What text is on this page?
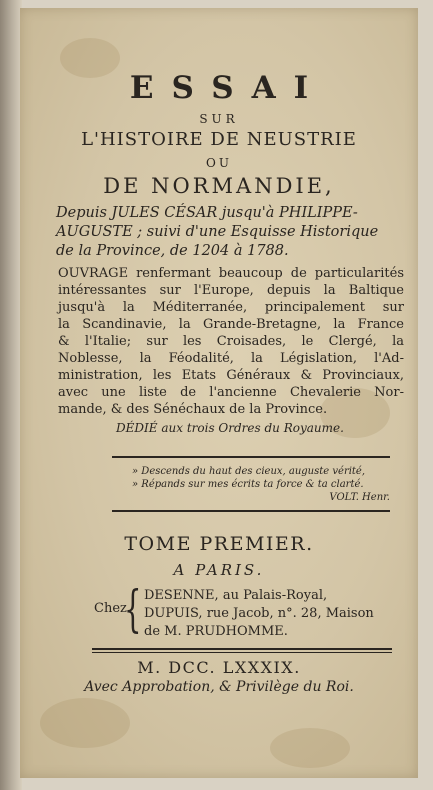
ESSAI
SUR
L'HISTOIRE DE NEUSTRIE
OU
DE NORMANDIE,
Depuis JULES CÉSAR jusqu'à PHILIPPE-
AUGUSTE ; suivi d'une Esquisse Historique
de la Province, de 1204 à 1788.
OUVRAGE renfermant beaucoup de particularités
intéressantes sur l'Europe, depuis la Baltique
jusqu'à la Méditerranée, principalement sur
la Scandinavie, la Grande-Bretagne, la France
& l'Italie; sur les Croisades, le Clergé, la
Noblesse, la Féodalité, la Législation, l'Ad-
ministration, les Etats Généraux & Provinciaux,
avec une liste de l'ancienne Chevalerie Nor-
mande, & des Sénéchaux de la Province.
DÉDIÉ aux trois Ordres du Royaume.
» Descends du haut des cieux, auguste vérité,
» Répands sur mes écrits ta force & ta clarté.
VOLT. Henr.
TOME PREMIER.
A PARIS.
Chez
{ DESENNE, au Palais-Royal,
DUPUIS, rue Jacob, n°. 28, Maison
de M. PRUDHOMME.
M. DCC. LXXXIX.
Avec Approbation, & Privilège du Roi.
